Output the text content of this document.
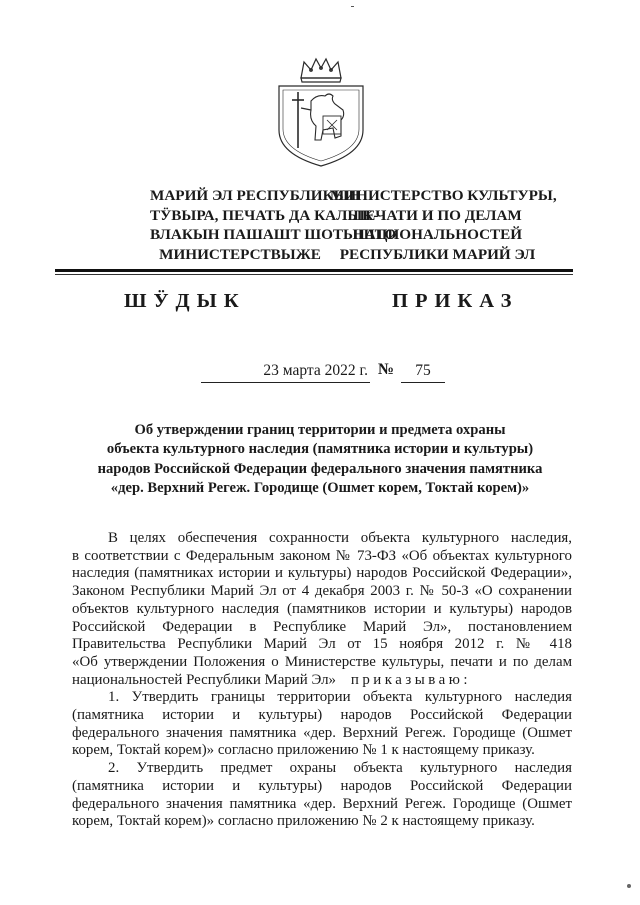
МАРИЙ ЭЛ РЕСПУБЛИКЫН
ТӰВЫРА, ПЕЧАТЬ ДА КАЛЫК-
ВЛАКЫН ПАШАШТ ШОТЫШТО
МИНИСТЕРСТВЫЖЕ
МИНИСТЕРСТВО КУЛЬТУРЫ,
ПЕЧАТИ И ПО ДЕЛАМ
НАЦИОНАЛЬНОСТЕЙ
РЕСПУБЛИКИ МАРИЙ ЭЛ
ШӰДЫК	ПРИКАЗ
23 марта 2022 г. №	75
Об утверждении границ территории и предмета охраны
объекта культурного наследия (памятника истории и культуры)
народов Российской Федерации федерального значения памятника
«дер. Верхний Регеж. Городище (Ошмет корем, Токтай корем)»
В целях обеспечения сохранности объекта культурного наследия,
в соответствии с Федеральным законом № 73-ФЗ «Об объектах культурного
наследия (памятниках истории и культуры) народов Российской Федерации»,
Законом Республики Марий Эл от 4 декабря 2003 г. № 50-З «О сохранении
объектов культурного наследия (памятников истории и культуры) народов
Российской Федерации в Республике Марий Эл», постановлением
Правительства Республики Марий Эл от 15 ноября 2012 г. № 418
«Об утверждении Положения о Министерстве культуры, печати и по делам
национальностей Республики Марий Эл» приказываю:
1. Утвердить границы территории объекта культурного наследия
(памятника истории и культуры) народов Российской Федерации
федерального значения памятника «дер. Верхний Регеж. Городище (Ошмет
корем, Токтай корем)» согласно приложению № 1 к настоящему приказу.
2. Утвердить предмет охраны объекта культурного наследия
(памятника истории и культуры) народов Российской Федерации
федерального значения памятника «дер. Верхний Регеж. Городище (Ошмет
корем, Токтай корем)» согласно приложению № 2 к настоящему приказу.
